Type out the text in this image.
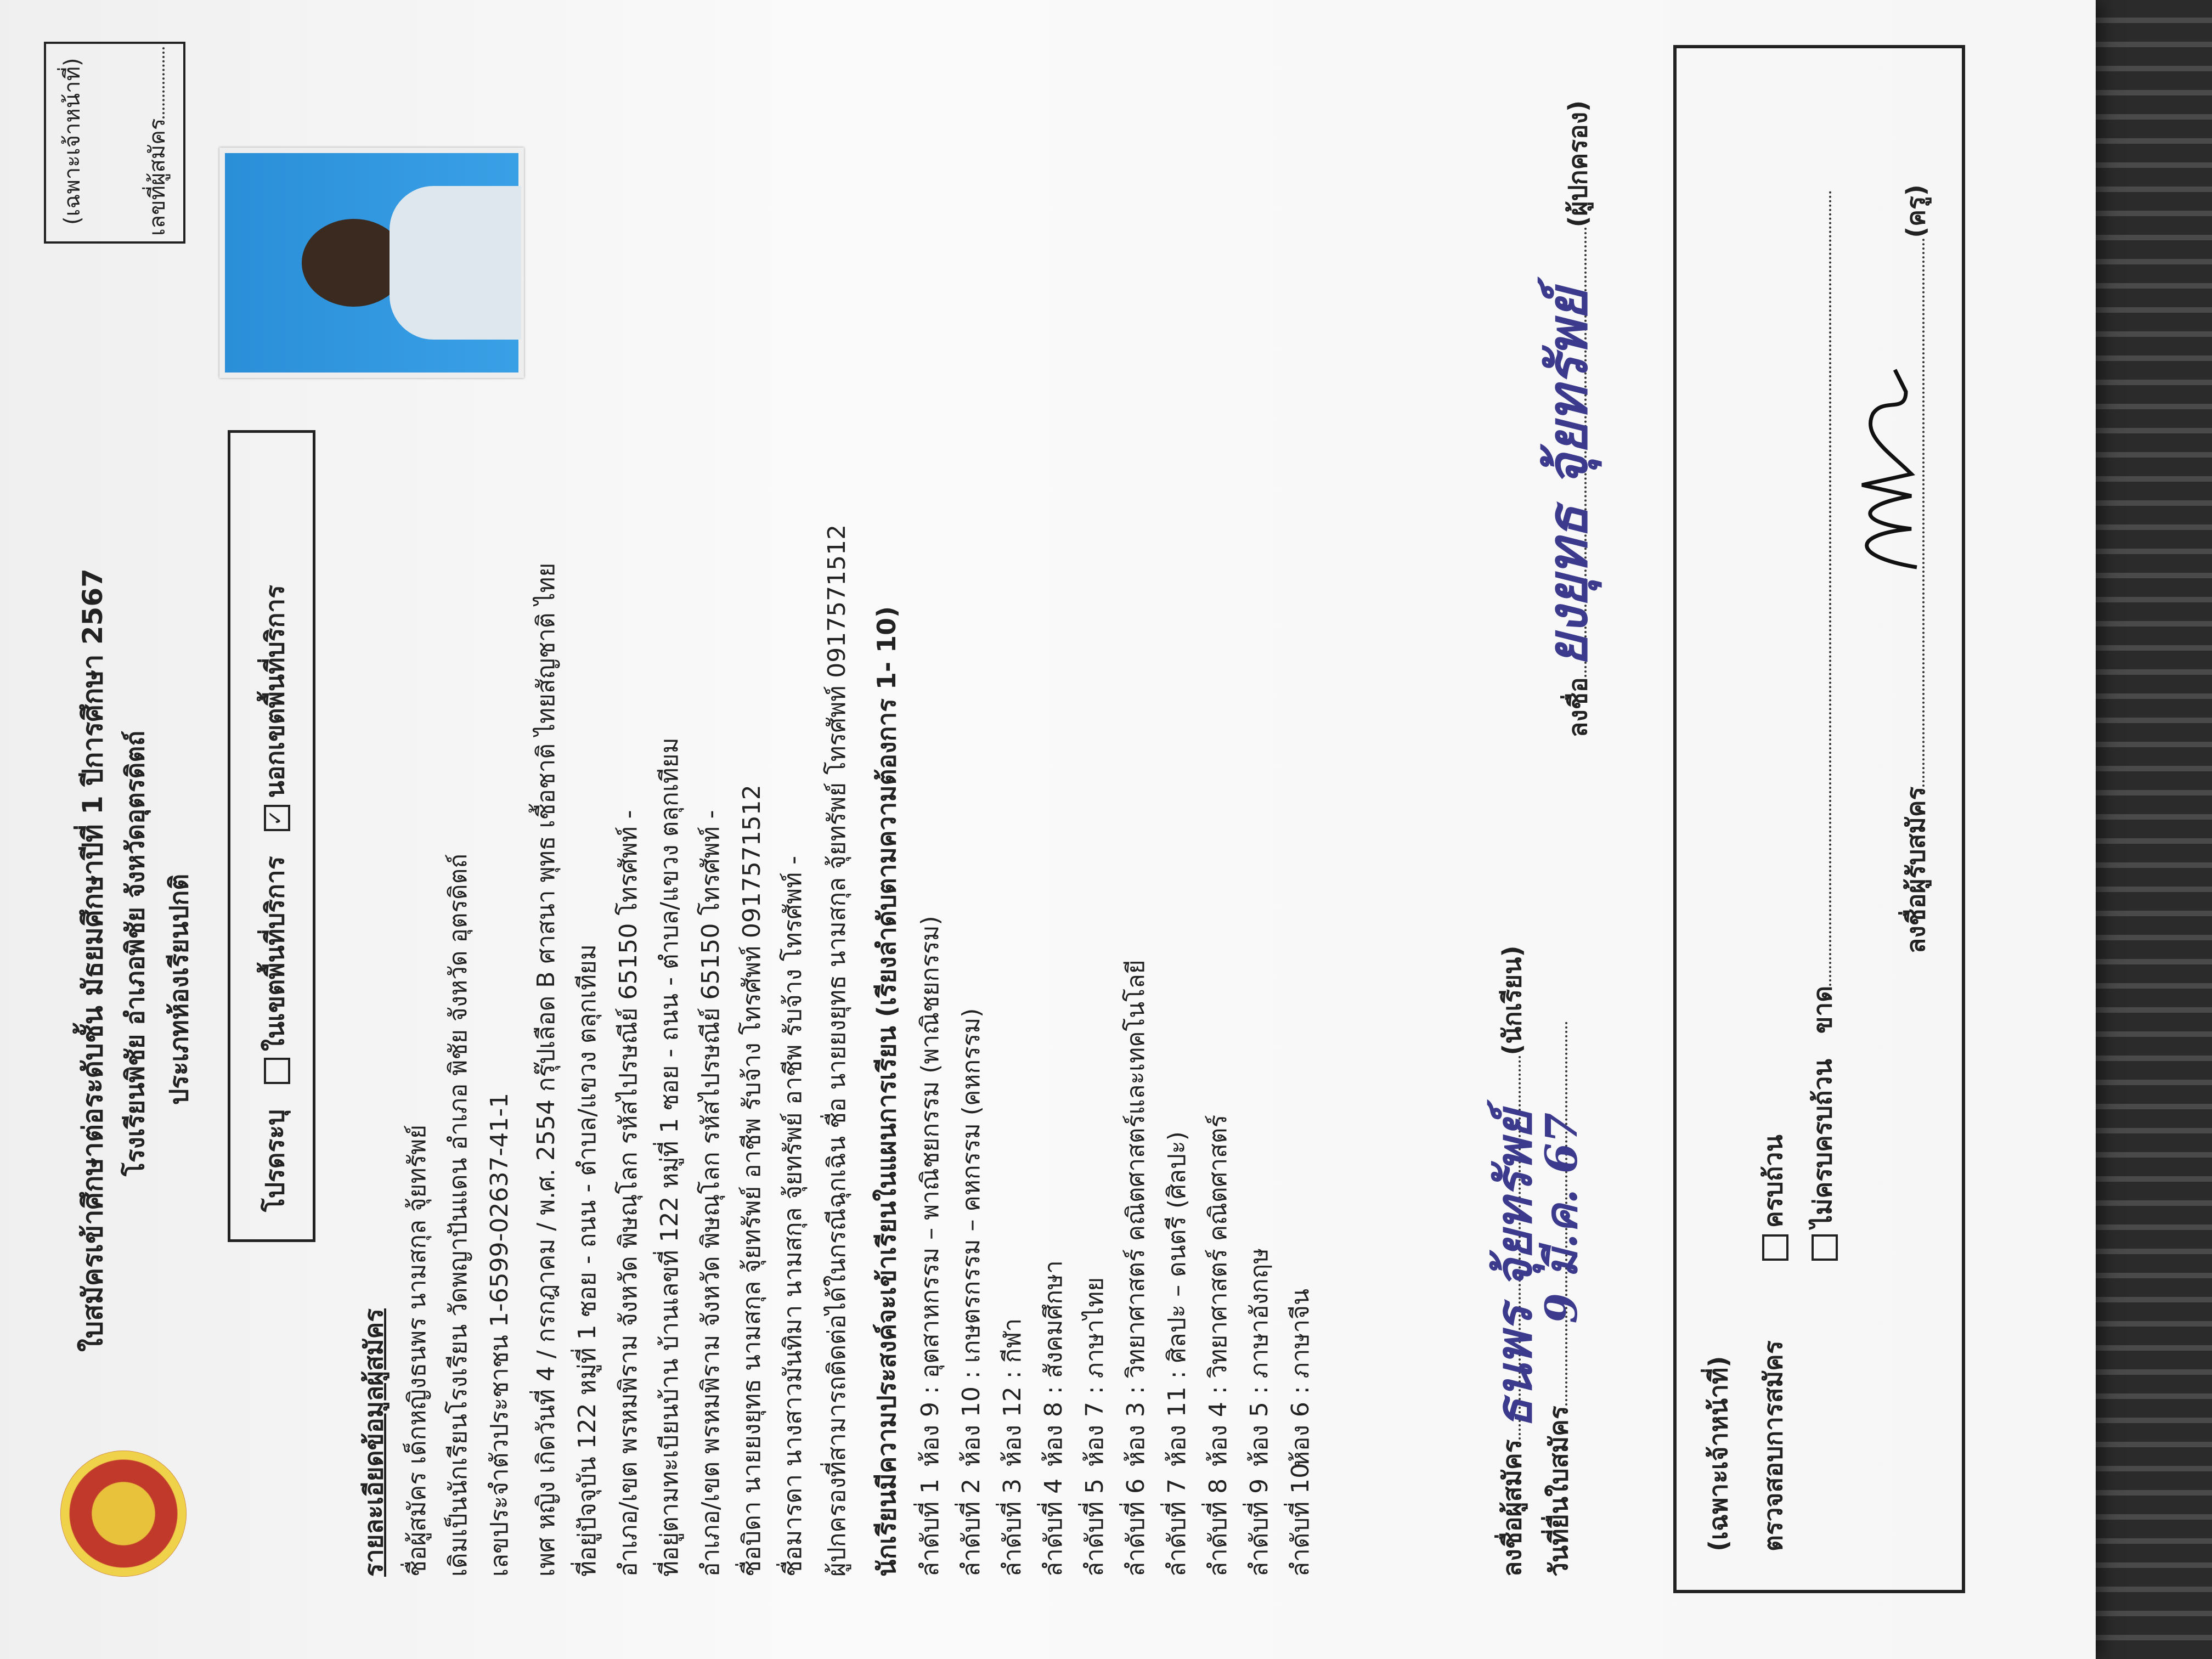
ใบสมัครเข้าศึกษาต่อระดับชั้น มัธยมศึกษาปีที่ 1 ปีการศึกษา 2567 โรงเรียนพิชัย อำเภอพิชัย จังหวัดอุตรดิตถ์ ประเภทห้องเรียนปกติ
(เฉพาะเจ้าหน้าที่)	เลขที่ผู้สมัคร
โปรดระบุ ในเขตพื้นที่บริการ ✓นอกเขตพื้นที่บริการ
รายละเอียดข้อมูลผู้สมัคร ชื่อผู้สมัคร เด็กหญิงธนพร นามสกุล จุ้ยทรัพย์ เดิมเป็นนักเรียนโรงเรียน วัดพญาปันแดน อำเภอ พิชัย จังหวัด อุตรดิตถ์ เลขประจำตัวประชาชน 1-6599-02637-41-1 เพศ หญิง เกิดวันที่ 4 / กรกฎาคม / พ.ศ. 2554 กรุ๊ปเลือด B ศาสนา พุทธ เชื้อชาติ ไทยสัญชาติ ไทย ที่อยู่ปัจจุบัน 122 หมู่ที่ 1 ซอย - ถนน - ตำบล/แขวง ตลุกเทียม อำเภอ/เขต พรหมพิราม จังหวัด พิษณุโลก รหัสไปรษณีย์ 65150 โทรศัพท์ - ที่อยู่ตามทะเบียนบ้าน บ้านเลขที่ 122 หมู่ที่ 1 ซอย - ถนน - ตำบล/แขวง ตลุกเทียม อำเภอ/เขต พรหมพิราม จังหวัด พิษณุโลก รหัสไปรษณีย์ 65150 โทรศัพท์ - ชื่อบิดา นายยงยุทธ นามสกุล จุ้ยทรัพย์ อาชีพ รับจ้าง โทรศัพท์ 0917571512 ชื่อมารดา นางสาวมันทิมา นามสกุล จุ้ยทรัพย์ อาชีพ รับจ้าง โทรศัพท์ - ผู้ปกครองที่สามารถติดต่อได้ในกรณีฉุกเฉิน ชื่อ นายยงยุทธ นามสกุล จุ้ยทรัพย์ โทรศัพท์ 0917571512 นักเรียนมีความประสงค์จะเข้าเรียนในแผนการเรียน (เรียงลำดับตามความต้องการ 1- 10) ลำดับที่ 1ห้อง 9 : อุตสาหกรรม – พาณิชยกรรม (พาณิชยกรรม)
ลำดับที่ 2ห้อง 10 : เกษตรกรรม – คหกรรม (คหกรรม)
ลำดับที่ 3ห้อง 12 : กีฬา
ลำดับที่ 4ห้อง 8 : สังคมศึกษา
ลำดับที่ 5ห้อง 7 : ภาษาไทย
ลำดับที่ 6ห้อง 3 : วิทยาศาสตร์ คณิตศาสตร์และเทคโนโลยี
ลำดับที่ 7ห้อง 11 : ศิลปะ – ดนตรี (ศิลปะ)
ลำดับที่ 8ห้อง 4 : วิทยาศาสตร์ คณิตศาสตร์
ลำดับที่ 9ห้อง 5 : ภาษาอังกฤษ
ลำดับที่ 10ห้อง 6 : ภาษาจีน
ลงชื่อผู้สมัคร
ธนพร จุ้ยทรัพย์
(นักเรียน)
วันที่ยื่นใบสมัคร
9 มี.ค. 67
ลงชื่อ
ยงยุทธ จุ้ยทรัพย์
(ผู้ปกครอง)
(เฉพาะเจ้าหน้าที่) ตรวจสอบการสมัคร
ครบถ้วน ไม่ครบครบถ้วน ขาด
ลงชื่อผู้รับสมัคร
(ครู)
